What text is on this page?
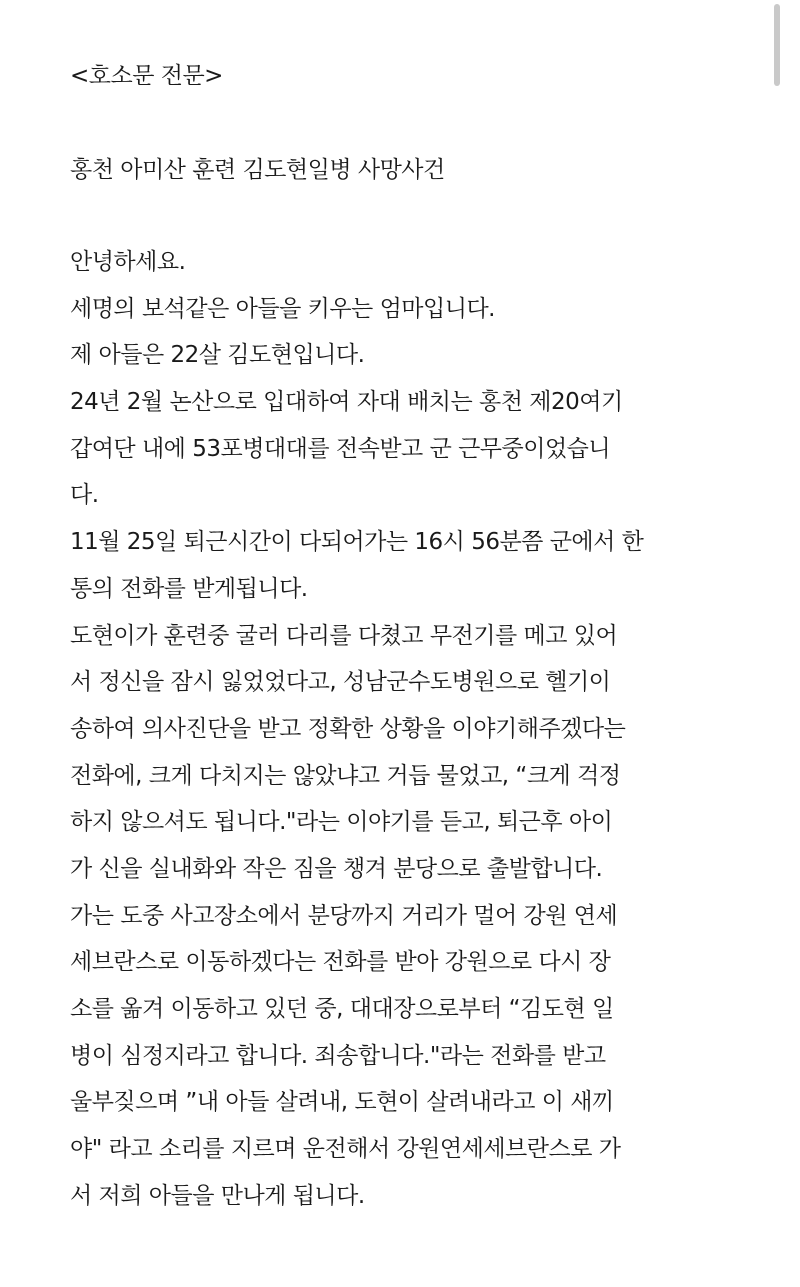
<호소문 전문>

홍천 아미산 훈련 김도현일병 사망사건

안녕하세요.
세명의 보석같은 아들을 키우는 엄마입니다.
제 아들은 22살 김도현입니다.
24년 2월 논산으로 입대하여 자대 배치는 홍천 제20여기
갑여단 내에 53포병대대를 전속받고 군 근무중이었습니
다.
11월 25일 퇴근시간이 다되어가는 16시 56분쯤 군에서 한
통의 전화를 받게됩니다.
도현이가 훈련중 굴러 다리를 다쳤고 무전기를 메고 있어
서 정신을 잠시 잃었었다고, 성남군수도병원으로 헬기이
송하여 의사진단을 받고 정확한 상황을 이야기해주겠다는
전화에, 크게 다치지는 않았냐고 거듭 물었고, “크게 걱정
하지 않으셔도 됩니다."라는 이야기를 듣고, 퇴근후 아이
가 신을 실내화와 작은 짐을 챙겨 분당으로 출발합니다.
가는 도중 사고장소에서 분당까지 거리가 멀어 강원 연세
세브란스로 이동하겠다는 전화를 받아 강원으로 다시 장
소를 옮겨 이동하고 있던 중, 대대장으로부터 “김도현 일
병이 심정지라고 합니다. 죄송합니다."라는 전화를 받고
울부짖으며 ”내 아들 살려내, 도현이 살려내라고 이 새끼
야" 라고 소리를 지르며 운전해서 강원연세세브란스로 가
서 저희 아들을 만나게 됩니다.
